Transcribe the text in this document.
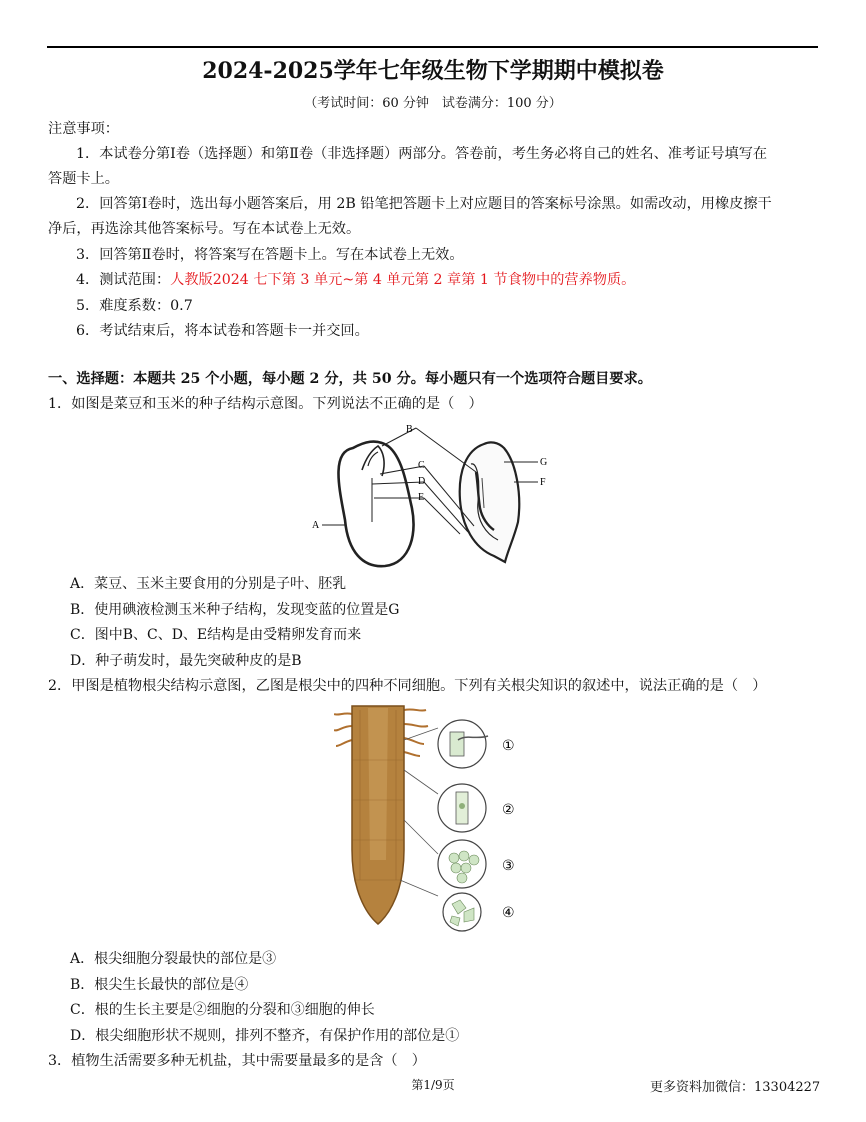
2024-2025学年七年级生物下学期期中模拟卷
（考试时间：60 分钟　试卷满分：100 分）
注意事项：
1．本试卷分第Ⅰ卷（选择题）和第Ⅱ卷（非选择题）两部分。答卷前，考生务必将自己的姓名、准考证号填写在
答题卡上。
2．回答第Ⅰ卷时，选出每小题答案后，用 2B 铅笔把答题卡上对应题目的答案标号涂黑。如需改动，用橡皮擦干
净后，再选涂其他答案标号。写在本试卷上无效。
3．回答第Ⅱ卷时，将答案写在答题卡上。写在本试卷上无效。
4．测试范围：人教版2024 七下第 3 单元~第 4 单元第 2 章第 1 节食物中的营养物质。
5．难度系数：0.7
6．考试结束后，将本试卷和答题卡一并交回。
一、选择题：本题共 25 个小题，每小题 2 分，共 50 分。每小题只有一个选项符合题目要求。
1．如图是菜豆和玉米的种子结构示意图。下列说法不正确的是（　）
B
C
D
E
A
G
F
A．菜豆、玉米主要食用的分别是子叶、胚乳
B．使用碘液检测玉米种子结构，发现变蓝的位置是G
C．图中B、C、D、E结构是由受精卵发育而来
D．种子萌发时，最先突破种皮的是B
2．甲图是植物根尖结构示意图，乙图是根尖中的四种不同细胞。下列有关根尖知识的叙述中，说法正确的是（　）
①
②
③
④
A．根尖细胞分裂最快的部位是③
B．根尖生长最快的部位是④
C．根的生长主要是②细胞的分裂和③细胞的伸长
D．根尖细胞形状不规则，排列不整齐，有保护作用的部位是①
3．植物生活需要多种无机盐，其中需要量最多的是含（　）
第1/9页	更多资料加微信：13304227
